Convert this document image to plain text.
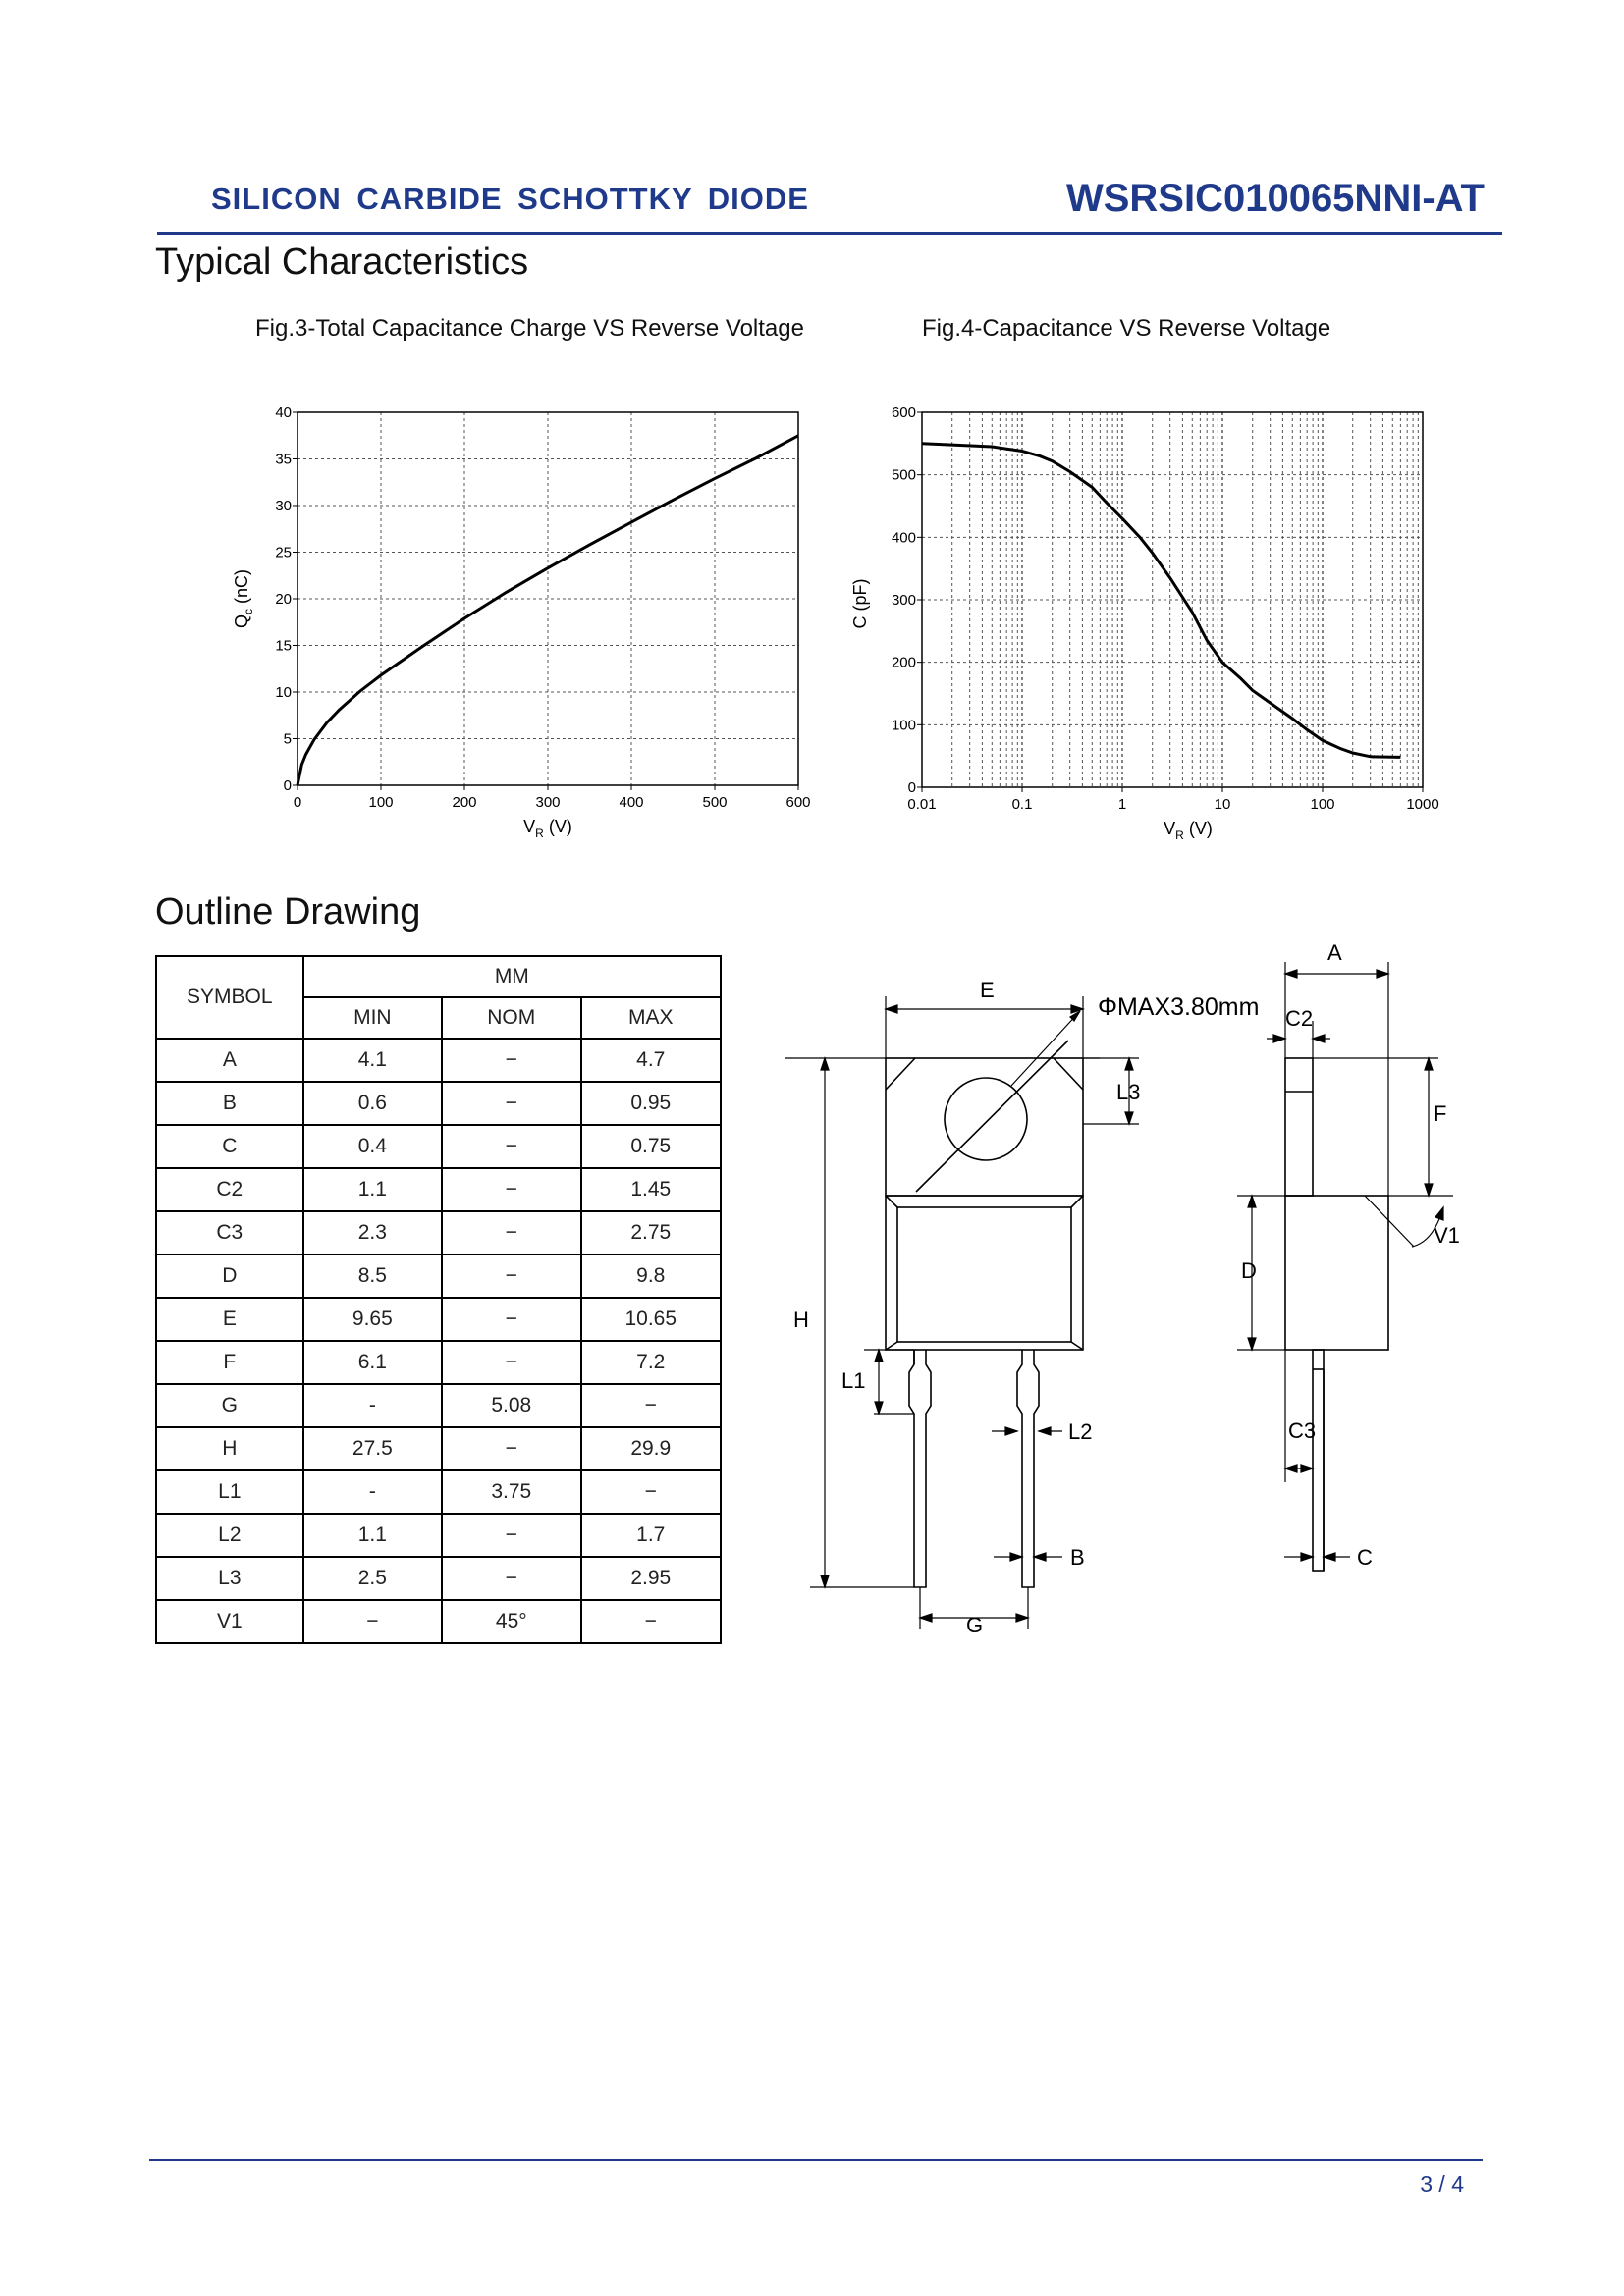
SILICON CARBIDE SCHOTTKY DIODE	WSRSIC010065NNI-AT
Typical Characteristics
Fig.3-Total Capacitance Charge VS Reverse Voltage	Fig.4-Capacitance VS Reverse Voltage
0	100	200	300	400	500	600
0
5
10
15
20
25
30
35
40
$V_R$ (V)
$Q_c$ (nC)
0.01	0.1	1	10	100	1000
0
100
200
300
400
500
600
$V_R$ (V)
C (pF)
Outline Drawing
SYMBOL	MM		
	MIN	NOM	MAX
A	4.1	−	4.7
B	0.6	−	0.95
C	0.4	−	0.75
C2	1.1	−	1.45
C3	2.3	−	2.75
D	8.5	−	9.8
E	9.65	−	10.65
F	6.1	−	7.2
G	-	5.08	−
H	27.5	−	29.9
L1	-	3.75	−
L2	1.1	−	1.7
L3	2.5	−	2.95
V1	−	45°	−
E
ΦMAX3.80mm
L3
H
L1
L2
B
G
A
C2
F
V1
D
C3
C
3 / 4
